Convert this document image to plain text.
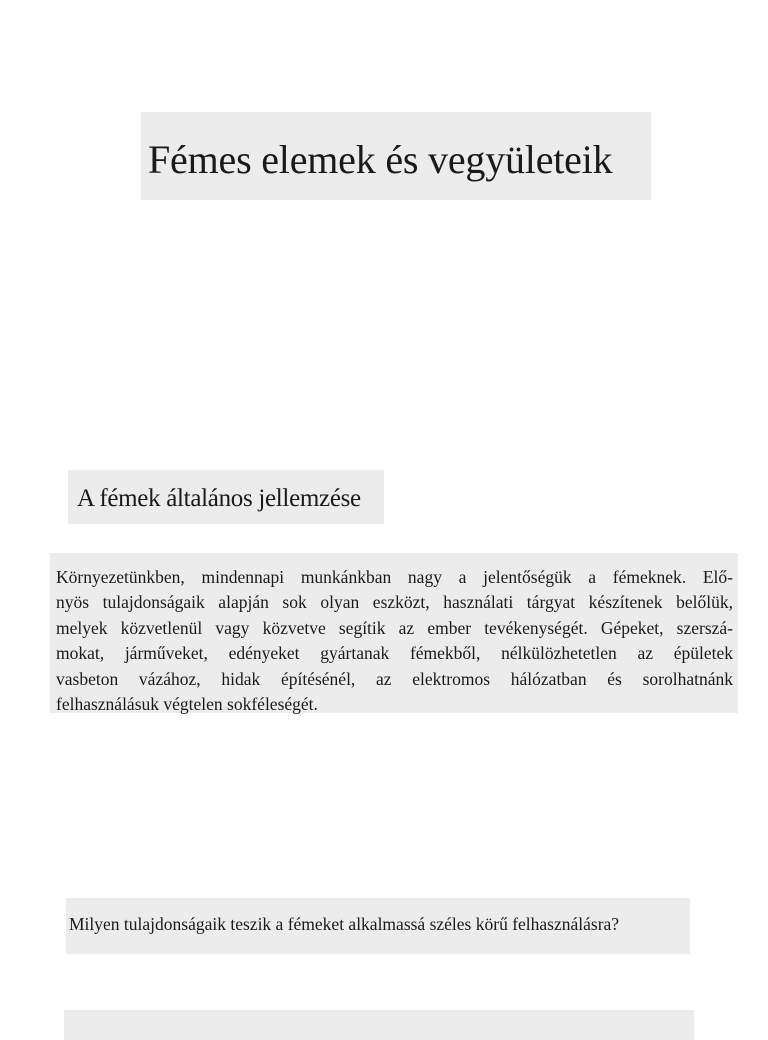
Fémes elemek és vegyületeik
A fémek általános jellemzése

Környezetünkben, mindennapi munkánkban nagy a jelentőségük a fémeknek. Elő-
nyös tulajdonságaik alapján sok olyan eszközt, használati tárgyat készítenek belőlük,
melyek közvetlenül vagy közvetve segítik az ember tevékenységét. Gépeket, szerszá-
mokat, járműveket, edényeket gyártanak fémekből, nélkülözhetetlen az épületek
vasbeton vázához, hidak építésénél, az elektromos hálózatban és sorolhatnánk
felhasználásuk végtelen sokféleségét.

Milyen tulajdonságaik teszik a fémeket alkalmassá széles körű felhasználásra?
